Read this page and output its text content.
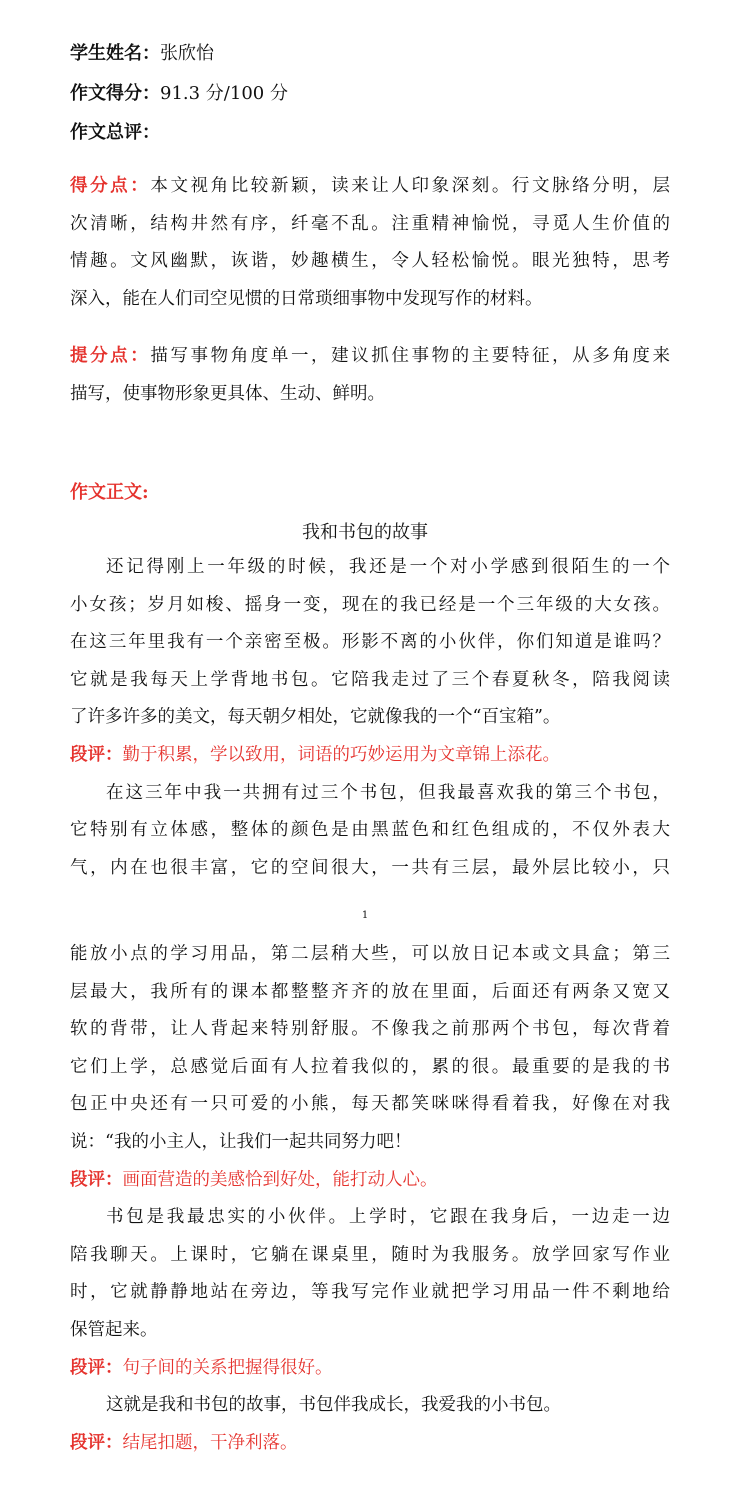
学生姓名：张欣怡
作文得分：91.3 分/100 分
作文总评：

得分点：本文视角比较新颖，读来让人印象深刻。行文脉络分明，层

次清晰，结构井然有序，纤毫不乱。注重精神愉悦，寻觅人生价值的

情趣。文风幽默，诙谐，妙趣横生，令人轻松愉悦。眼光独特，思考

深入，能在人们司空见惯的日常琐细事物中发现写作的材料。

提分点：描写事物角度单一，建议抓住事物的主要特征，从多角度来

描写，使事物形象更具体、生动、鲜明。

作文正文:
我和书包的故事

还记得刚上一年级的时候，我还是一个对小学感到很陌生的一个

小女孩；岁月如梭、摇身一变，现在的我已经是一个三年级的大女孩。

在这三年里我有一个亲密至极。形影不离的小伙伴，你们知道是谁吗？

它就是我每天上学背地书包。它陪我走过了三个春夏秋冬，陪我阅读

了许多许多的美文，每天朝夕相处，它就像我的一个“百宝箱”。

段评：勤于积累，学以致用，词语的巧妙运用为文章锦上添花。

在这三年中我一共拥有过三个书包，但我最喜欢我的第三个书包，

它特别有立体感，整体的颜色是由黑蓝色和红色组成的，不仅外表大

气，内在也很丰富，它的空间很大，一共有三层，最外层比较小，只

1

能放小点的学习用品，第二层稍大些，可以放日记本或文具盒；第三

层最大，我所有的课本都整整齐齐的放在里面，后面还有两条又宽又

软的背带，让人背起来特别舒服。不像我之前那两个书包，每次背着

它们上学，总感觉后面有人拉着我似的，累的很。最重要的是我的书

包正中央还有一只可爱的小熊，每天都笑咪咪得看着我，好像在对我

说：“我的小主人，让我们一起共同努力吧！

段评：画面营造的美感恰到好处，能打动人心。

书包是我最忠实的小伙伴。上学时，它跟在我身后，一边走一边

陪我聊天。上课时，它躺在课桌里，随时为我服务。放学回家写作业

时，它就静静地站在旁边，等我写完作业就把学习用品一件不剩地给

保管起来。

段评：句子间的关系把握得很好。

这就是我和书包的故事，书包伴我成长，我爱我的小书包。

段评：结尾扣题，干净利落。
